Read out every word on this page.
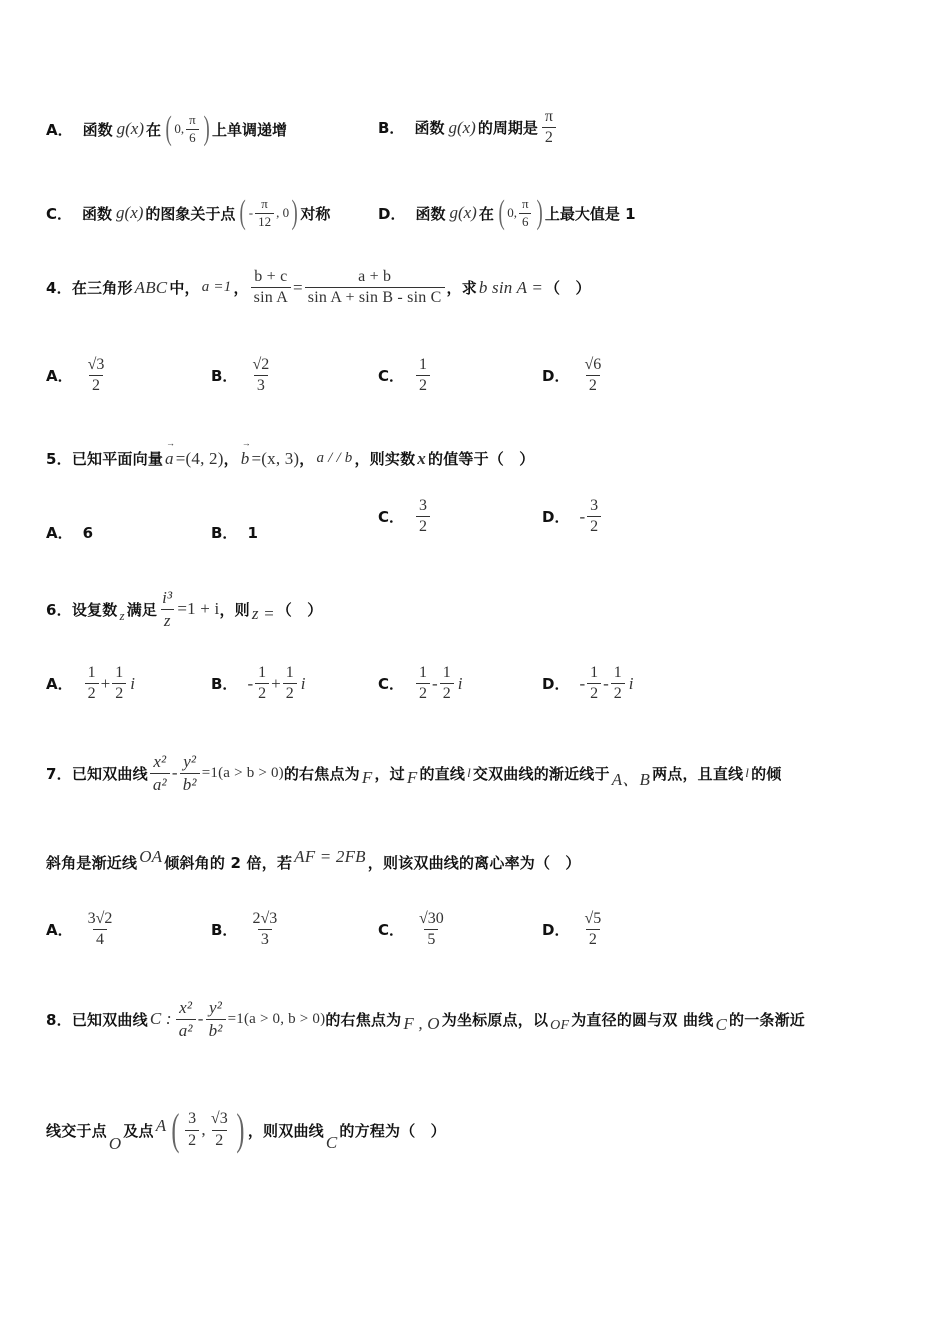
A． 函数 g(x) 在 ( 0, $\frac{\pi}{6}$ ) 上单调递增	B． 函数 g(x) 的周期是 $\frac{\pi}{2}$
C． 函数 g(x) 的图象关于点 ( - $\frac{\pi}{12}$ , 0 ) 对称	D． 函数 g(x) 在 ( 0, $\frac{\pi}{6}$ ) 上最大值是 1
4．在三角形 ABC 中， a =1 ， $\frac{b + c}{\text{sin A}} = \frac{a + b}{\text{sin A + sin B - sin C}}$ ，求 b sin A = （　）
A． $\frac{√3}{2}$	B． $\frac{√2}{3}$	C． $\frac{1}{2}$	D． $\frac{√6}{2}$
5．已知平面向量 → a =(4, 2) ， → b =(x, 3) ， a / / b ，则实数 x 的值等于（　）
A． 6	B． 1
C． $\frac{3}{2}$	D． - $\frac{3}{2}$
6．设复数 z 满足 $\frac{\text{i³}}{z} =1 + i$ ，则 z = （　）
A． $\frac{1}{2} + \frac{1}{2}$ i	B． - $\frac{1}{2} + \frac{1}{2}$ i	C． $\frac{1}{2} - \frac{1}{2}$ i	D． - $\frac{1}{2} - \frac{1}{2}$ i
7．已知双曲线 $\frac{\text{x²}}{\text{a²}} - \frac{\text{y²}}{\text{b²}} =1(a > b > 0)$ 的右焦点为 F ，过 F 的直线 l 交双曲线的渐近线于 A、B 两点，且直线 l 的倾
斜角是渐近线 OA 倾斜角的 2 倍，若 AF = 2FB ，则该双曲线的离心率为（　）
A． $\frac{3√2}{4}$	B． $\frac{2√3}{3}$	C． $\frac{√30}{5}$	D． $\frac{√5}{2}$
8．已知双曲线 C : $\frac{\text{x²}}{\text{a²}} - \frac{\text{y²}}{\text{b²}} =1(a > 0$, b > 0) 的右焦点为 F , O 为坐标原点，以 OF 为直径的圆与双 曲线 C 的一条渐近
线交于点
O
及点 A ( $\frac{3}{2}$ , $\frac{√3}{2}$ ) ，则双曲线
C
的方程为（　）
